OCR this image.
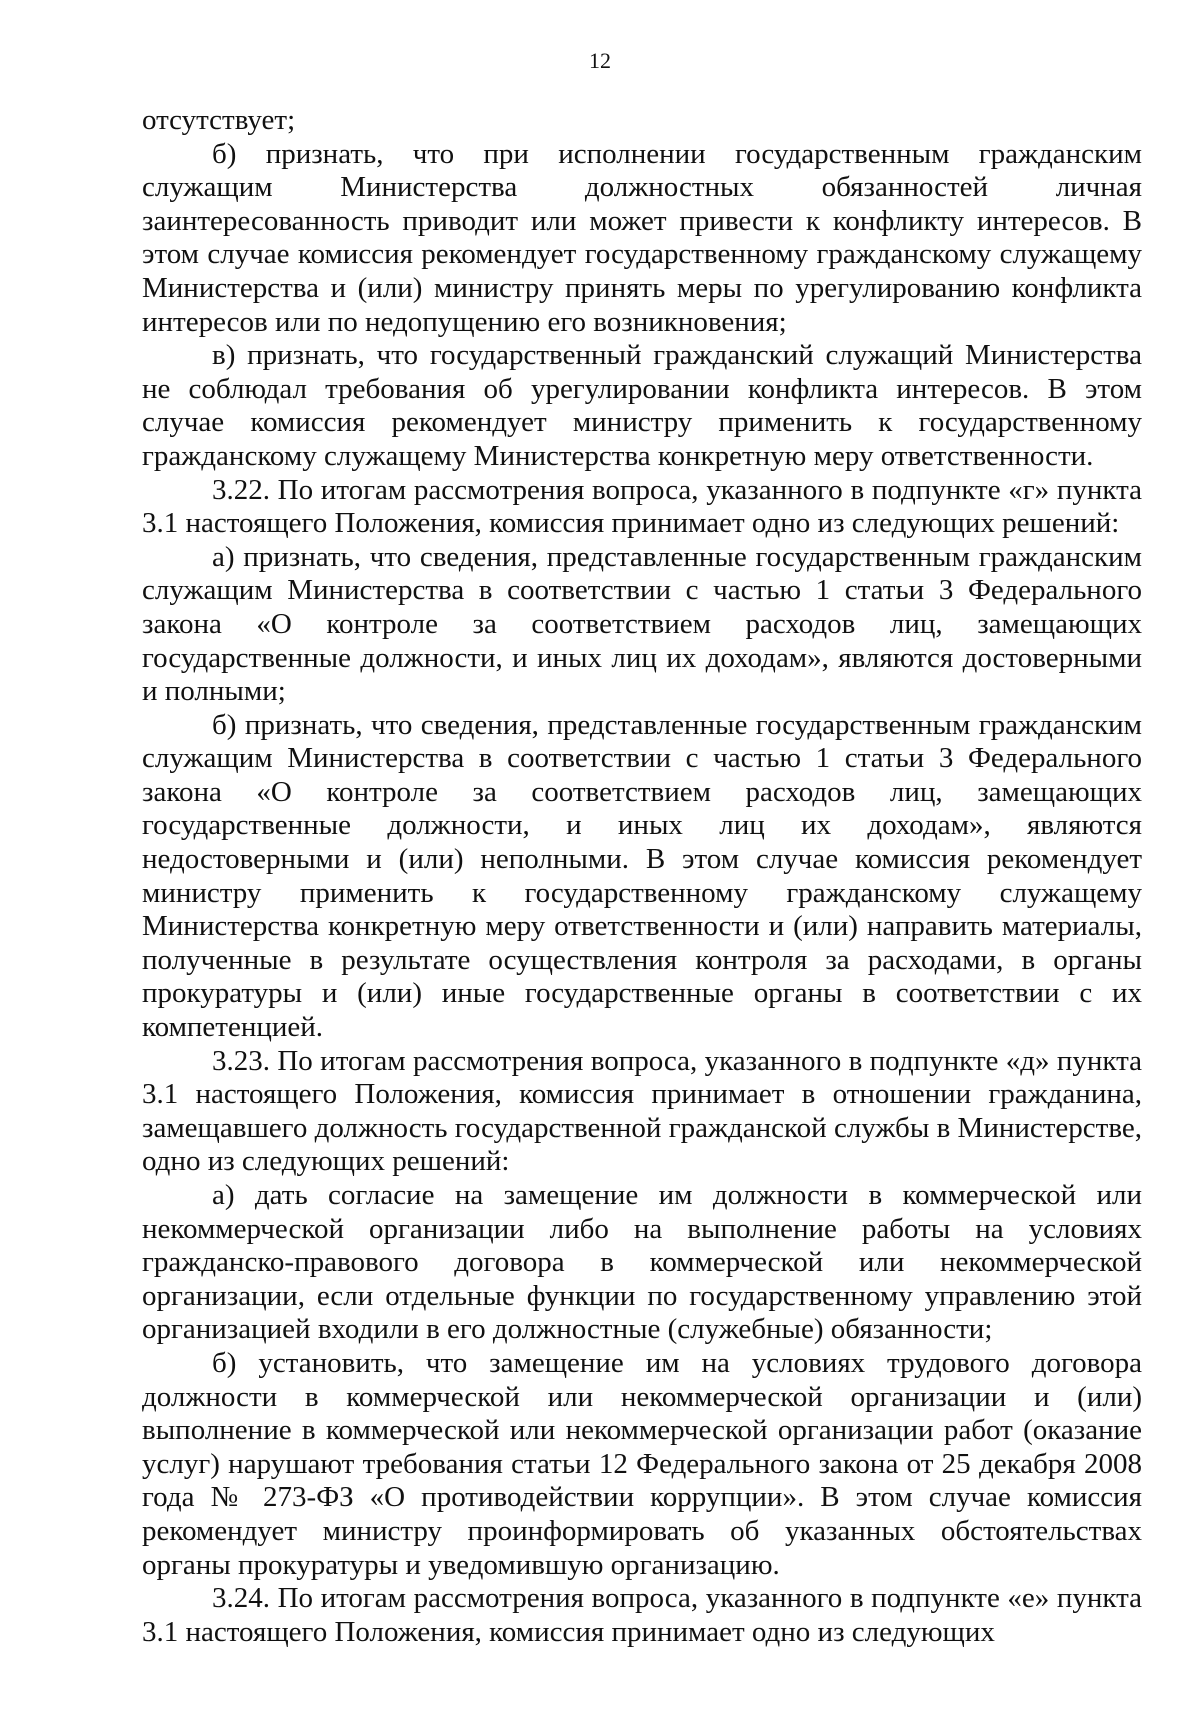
12

отсутствует;

б) признать, что при исполнении государственным гражданским служащим Министерства должностных обязанностей личная заинтересованность приводит или может привести к конфликту интересов. В этом случае комиссия рекомендует государственному гражданскому служащему Министерства и (или) министру принять меры по урегулированию конфликта интересов или по недопущению его возникновения;

в) признать, что государственный гражданский служащий Министерства не соблюдал требования об урегулировании конфликта интересов. В этом случае комиссия рекомендует министру применить к государственному гражданскому служащему Министерства конкретную меру ответственности.

3.22. По итогам рассмотрения вопроса, указанного в подпункте «г» пункта 3.1 настоящего Положения, комиссия принимает одно из следующих решений:

а) признать, что сведения, представленные государственным гражданским служащим Министерства в соответствии с частью 1 статьи 3 Федерального закона «О контроле за соответствием расходов лиц, замещающих государственные должности, и иных лиц их доходам», являются достоверными и полными;

б) признать, что сведения, представленные государственным гражданским служащим Министерства в соответствии с частью 1 статьи 3 Федерального закона «О контроле за соответствием расходов лиц, замещающих государственные должности, и иных лиц их доходам», являются недостоверными и (или) неполными. В этом случае комиссия рекомендует министру применить к государственному гражданскому служащему Министерства конкретную меру ответственности и (или) направить материалы, полученные в результате осуществления контроля за расходами, в органы прокуратуры и (или) иные государственные органы в соответствии с их компетенцией.

3.23. По итогам рассмотрения вопроса, указанного в подпункте «д» пункта 3.1 настоящего Положения, комиссия принимает в отношении гражданина, замещавшего должность государственной гражданской службы в Министерстве, одно из следующих решений:

а) дать согласие на замещение им должности в коммерческой или некоммерческой организации либо на выполнение работы на условиях гражданско-правового договора в коммерческой или некоммерческой организации, если отдельные функции по государственному управлению этой организацией входили в его должностные (служебные) обязанности;

б) установить, что замещение им на условиях трудового договора должности в коммерческой или некоммерческой организации и (или) выполнение в коммерческой или некоммерческой организации работ (оказание услуг) нарушают требования статьи 12 Федерального закона от 25 декабря 2008 года № 273-ФЗ «О противодействии коррупции». В этом случае комиссия рекомендует министру проинформировать об указанных обстоятельствах органы прокуратуры и уведомившую организацию.

3.24. По итогам рассмотрения вопроса, указанного в подпункте «е» пункта 3.1 настоящего Положения, комиссия принимает одно из следующих
